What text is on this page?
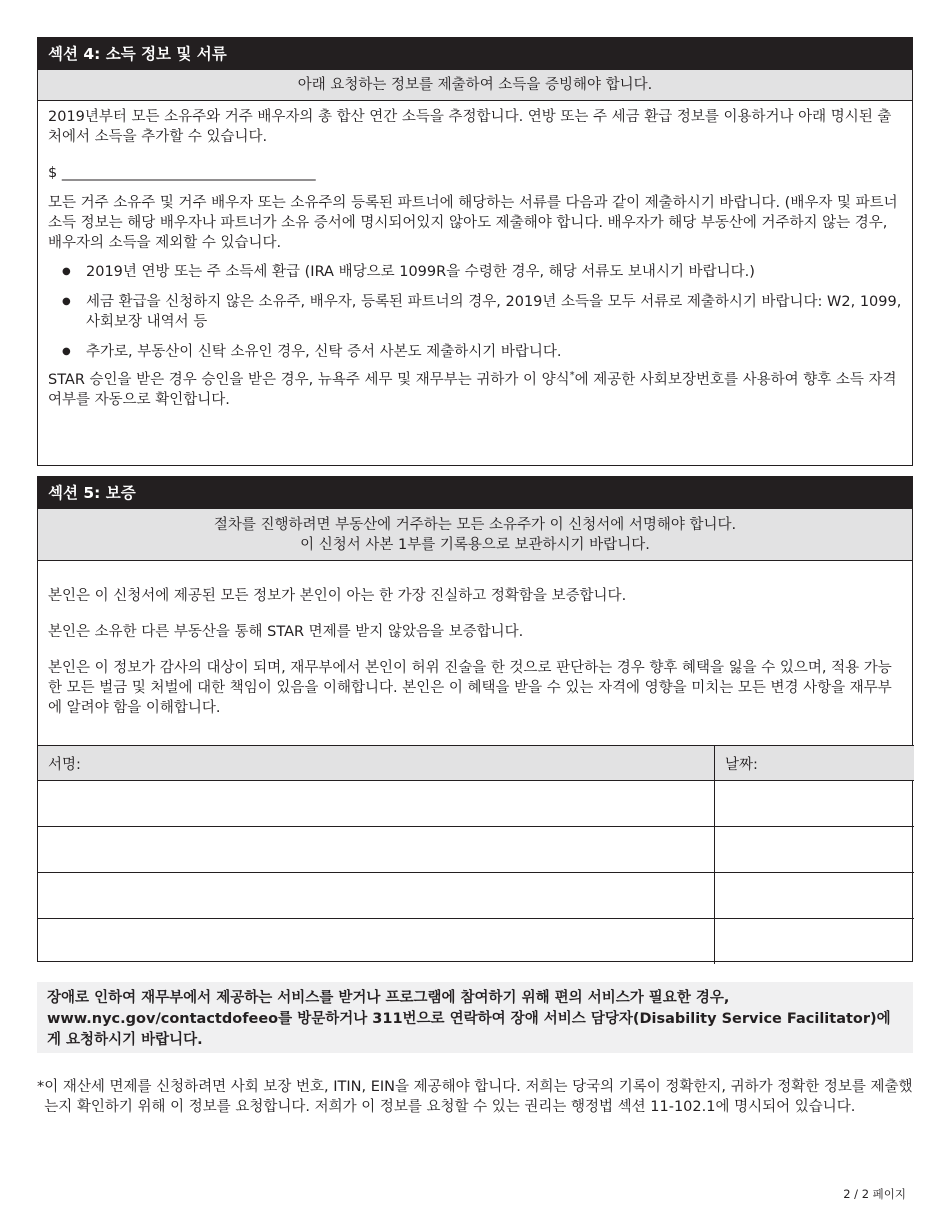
섹션 4: 소득 정보 및 서류
아래 요청하는 정보를 제출하여 소득을 증빙해야 합니다.

2019년부터 모든 소유주와 거주 배우자의 총 합산 연간 소득을 추정합니다. 연방 또는 주 세금 환급 정보를 이용하거나 아래 명시된 출처에서 소득을 추가할 수 있습니다.

$ ___________________________________

모든 거주 소유주 및 거주 배우자 또는 소유주의 등록된 파트너에 해당하는 서류를 다음과 같이 제출하시기 바랍니다. (배우자 및 파트너 소득 정보는 해당 배우자나 파트너가 소유 증서에 명시되어있지 않아도 제출해야 합니다. 배우자가 해당 부동산에 거주하지 않는 경우, 배우자의 소득을 제외할 수 있습니다.

● 2019년 연방 또는 주 소득세 환급 (IRA 배당으로 1099R을 수령한 경우, 해당 서류도 보내시기 바랍니다.)
● 세금 환급을 신청하지 않은 소유주, 배우자, 등록된 파트너의 경우, 2019년 소득을 모두 서류로 제출하시기 바랍니다: W2, 1099, 사회보장 내역서 등
● 추가로, 부동산이 신탁 소유인 경우, 신탁 증서 사본도 제출하시기 바랍니다.

STAR 승인을 받은 경우 승인을 받은 경우, 뉴욕주 세무 및 재무부는 귀하가 이 양식*에 제공한 사회보장번호를 사용하여 향후 소득 자격 여부를 자동으로 확인합니다.

섹션 5: 보증
절차를 진행하려면 부동산에 거주하는 모든 소유주가 이 신청서에 서명해야 합니다.
이 신청서 사본 1부를 기록용으로 보관하시기 바랍니다.

본인은 이 신청서에 제공된 모든 정보가 본인이 아는 한 가장 진실하고 정확함을 보증합니다.

본인은 소유한 다른 부동산을 통해 STAR 면제를 받지 않았음을 보증합니다.

본인은 이 정보가 감사의 대상이 되며, 재무부에서 본인이 허위 진술을 한 것으로 판단하는 경우 향후 혜택을 잃을 수 있으며, 적용 가능한 모든 벌금 및 처벌에 대한 책임이 있음을 이해합니다. 본인은 이 혜택을 받을 수 있는 자격에 영향을 미치는 모든 변경 사항을 재무부에 알려야 함을 이해합니다.

서명:	날짜:

장애로 인하여 재무부에서 제공하는 서비스를 받거나 프로그램에 참여하기 위해 편의 서비스가 필요한 경우, www.nyc.gov/contactdofeeo를 방문하거나 311번으로 연락하여 장애 서비스 담당자(Disability Service Facilitator)에게 요청하시기 바랍니다.
* 이 재산세 면제를 신청하려면 사회 보장 번호, ITIN, EIN을 제공해야 합니다. 저희는 당국의 기록이 정확한지, 귀하가 정확한 정보를 제출했는지 확인하기 위해 이 정보를 요청합니다. 저희가 이 정보를 요청할 수 있는 권리는 행정법 섹션 11-102.1에 명시되어 있습니다.
2 / 2 페이지
